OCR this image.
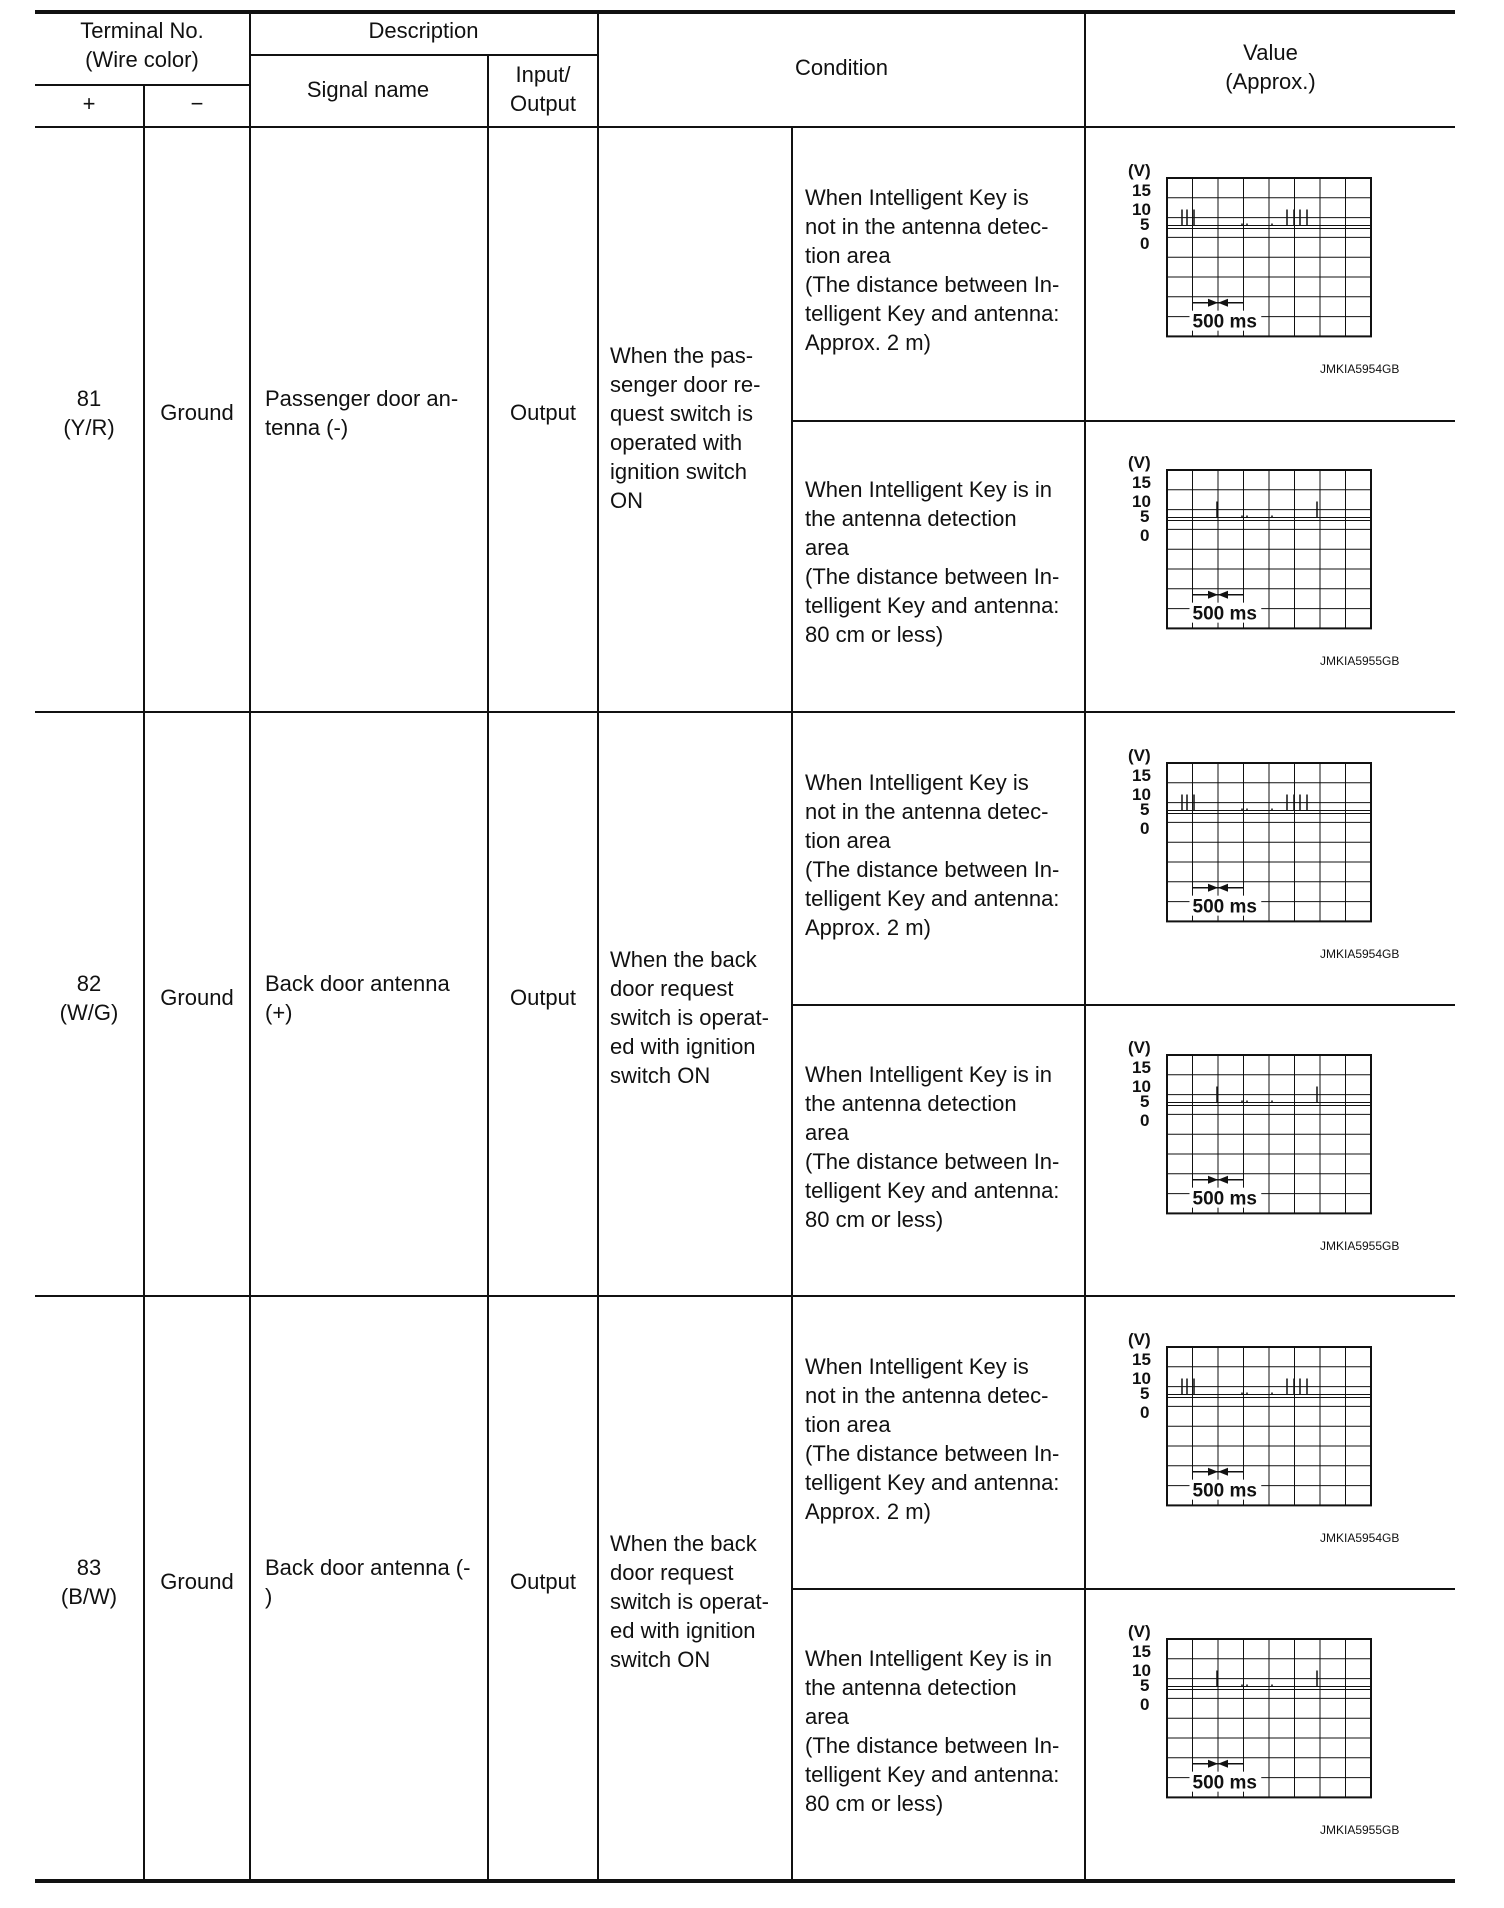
Terminal No.
(Wire color)
+	−
Description
Signal name
Input/
Output
Condition
Value
(Approx.)
81
(Y/R)
Ground
Passenger door an-
tenna (-)
Output
When the pas-
senger door re-
quest switch is
operated with
ignition switch
ON
When Intelligent Key is
not in the antenna detec-
tion area
(The distance between In-
telligent Key and antenna:
Approx. 2 m)
(V)
15
10
5
0
500 ms
JMKIA5954GB
When Intelligent Key is in
the antenna detection
area
(The distance between In-
telligent Key and antenna:
80 cm or less)
(V)
15
10
5
0
500 ms
JMKIA5955GB
82
(W/G)
Ground
Back door antenna
(+)
Output
When the back
door request
switch is operat-
ed with ignition
switch ON
When Intelligent Key is
not in the antenna detec-
tion area
(The distance between In-
telligent Key and antenna:
Approx. 2 m)
(V)
15
10
5
0
500 ms
JMKIA5954GB
When Intelligent Key is in
the antenna detection
area
(The distance between In-
telligent Key and antenna:
80 cm or less)
(V)
15
10
5
0
500 ms
JMKIA5955GB
83
(B/W)
Ground
Back door antenna (-
)
Output
When the back
door request
switch is operat-
ed with ignition
switch ON
When Intelligent Key is
not in the antenna detec-
tion area
(The distance between In-
telligent Key and antenna:
Approx. 2 m)
(V)
15
10
5
0
500 ms
JMKIA5954GB
When Intelligent Key is in
the antenna detection
area
(The distance between In-
telligent Key and antenna:
80 cm or less)
(V)
15
10
5
0
500 ms
JMKIA5955GB
